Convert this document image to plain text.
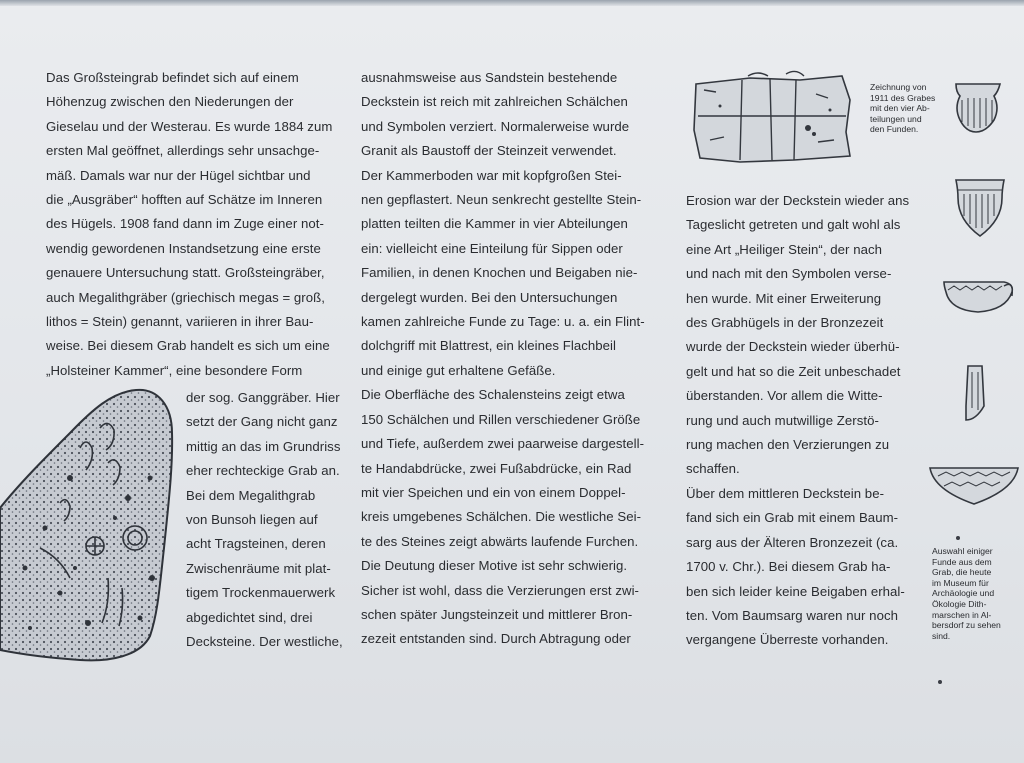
Das Großsteingrab befindet sich auf einem
Höhenzug zwischen den Niederungen der
Gieselau und der Westerau. Es wurde 1884 zum
ersten Mal geöffnet, allerdings sehr unsachge-
mäß. Damals war nur der Hügel sichtbar und
die „Ausgräber“ hofften auf Schätze im Inneren
des Hügels. 1908 fand dann im Zuge einer not-
wendig gewordenen Instandsetzung eine erste
genauere Untersuchung statt. Großsteingräber,
auch Megalithgräber (griechisch megas = groß,
lithos = Stein) genannt, variieren in ihrer Bau-
weise. Bei diesem Grab handelt es sich um eine
„Holsteiner Kammer“, eine besondere Form
der sog. Ganggräber. Hier
setzt der Gang nicht ganz
mittig an das im Grundriss
eher rechteckige Grab an.
Bei dem Megalithgrab
von Bunsoh liegen auf
acht Tragsteinen, deren
Zwischenräume mit plat-
tigem Trockenmauerwerk
abgedichtet sind, drei
Decksteine. Der westliche,
ausnahmsweise aus Sandstein bestehende
Deckstein ist reich mit zahlreichen Schälchen
und Symbolen verziert. Normalerweise wurde
Granit als Baustoff der Steinzeit verwendet.
Der Kammerboden war mit kopfgroßen Stei-
nen gepflastert. Neun senkrecht gestellte Stein-
platten teilten die Kammer in vier Abteilungen
ein: vielleicht eine Einteilung für Sippen oder
Familien, in denen Knochen und Beigaben nie-
dergelegt wurden. Bei den Untersuchungen
kamen zahlreiche Funde zu Tage: u. a. ein Flint-
dolchgriff mit Blattrest, ein kleines Flachbeil
und einige gut erhaltene Gefäße.
Die Oberfläche des Schalensteins zeigt etwa
150 Schälchen und Rillen verschiedener Größe
und Tiefe, außerdem zwei paarweise dargestell-
te Handabdrücke, zwei Fußabdrücke, ein Rad
mit vier Speichen und ein von einem Doppel-
kreis umgebenes Schälchen. Die westliche Sei-
te des Steines zeigt abwärts laufende Furchen.
Die Deutung dieser Motive ist sehr schwierig.
Sicher ist wohl, dass die Verzierungen erst zwi-
schen später Jungsteinzeit und mittlerer Bron-
zezeit entstanden sind. Durch Abtragung oder
Erosion war der Deckstein wieder ans
Tageslicht getreten und galt wohl als
eine Art „Heiliger Stein“, der nach
und nach mit den Symbolen verse-
hen wurde. Mit einer Erweiterung
des Grabhügels in der Bronzezeit
wurde der Deckstein wieder überhü-
gelt und hat so die Zeit unbeschadet
überstanden. Vor allem die Witte-
rung und auch mutwillige Zerstö-
rung machen den Verzierungen zu
schaffen.
Über dem mittleren Deckstein be-
fand sich ein Grab mit einem Baum-
sarg aus der Älteren Bronzezeit (ca.
1700 v. Chr.). Bei diesem Grab ha-
ben sich leider keine Beigaben erhal-
ten. Vom Baumsarg waren nur noch
vergangene Überreste vorhanden.
Zeichnung von
1911 des Grabes
mit den vier Ab-
teilungen und
den Funden.
Auswahl einiger
Funde aus dem
Grab, die heute
im Museum für
Archäologie und
Ökologie Dith-
marschen in Al-
bersdorf zu sehen
sind.
